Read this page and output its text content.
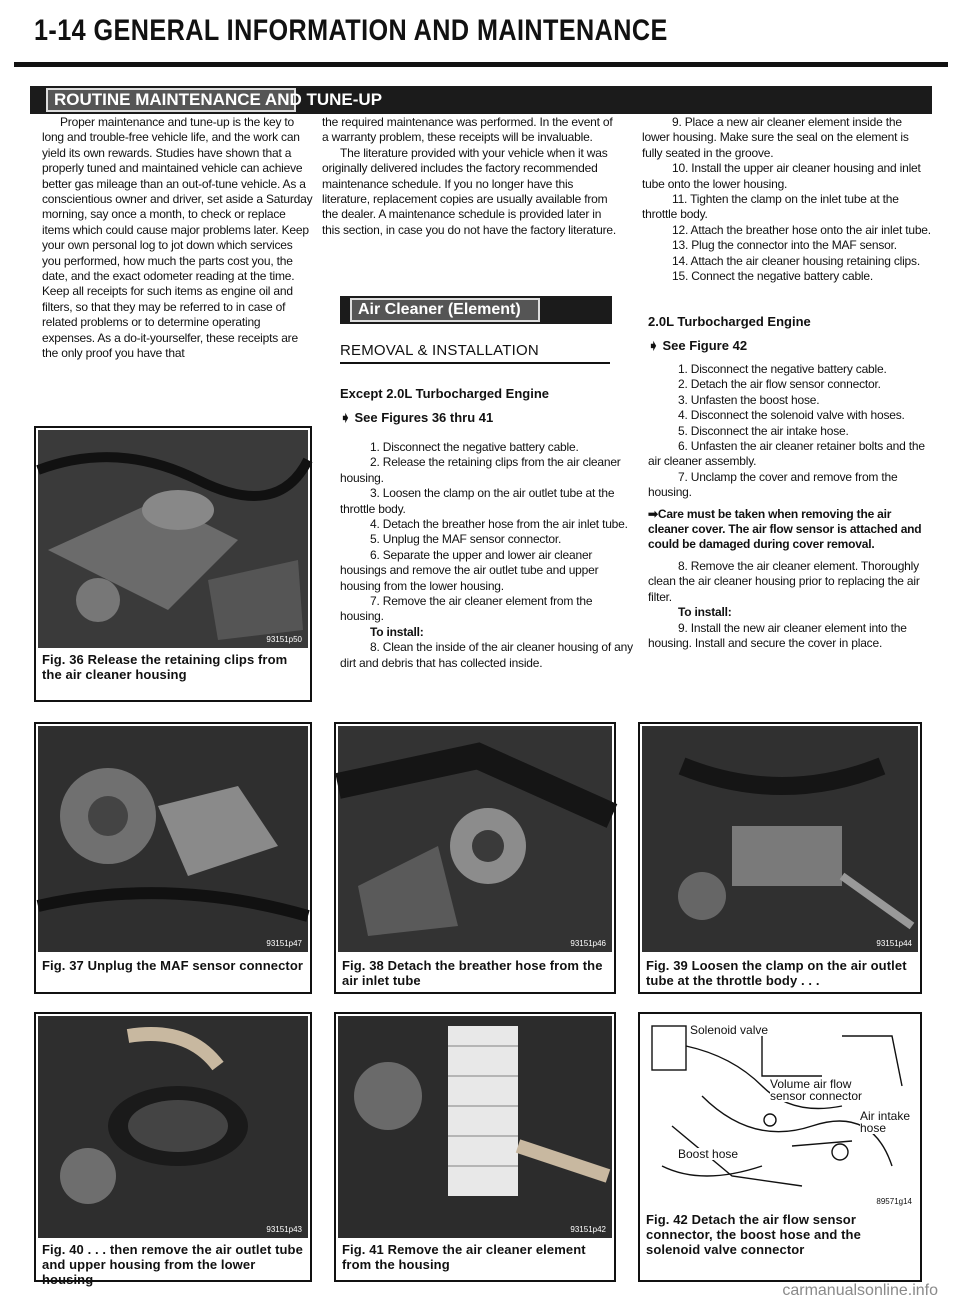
1-14 GENERAL INFORMATION AND MAINTENANCE
ROUTINE MAINTENANCE AND TUNE-UP

Proper maintenance and tune-up is the key to long and trouble-free vehicle life, and the work can yield its own rewards. Studies have shown that a properly tuned and maintained vehicle can achieve better gas mileage than an out-of-tune vehicle. As a conscientious owner and driver, set aside a Saturday morning, say once a month, to check or replace items which could cause major problems later. Keep your own personal log to jot down which services you performed, how much the parts cost you, the date, and the exact odometer reading at the time. Keep all receipts for such items as engine oil and filters, so that they may be referred to in case of related problems or to determine operating expenses. As a do-it-yourselfer, these receipts are the only proof you have that

the required maintenance was performed. In the event of a warranty problem, these receipts will be invaluable.

The literature provided with your vehicle when it was originally delivered includes the factory recommended maintenance schedule. If you no longer have this literature, replacement copies are usually available from the dealer. A maintenance schedule is provided later in this section, in case you do not have the factory literature.

Air Cleaner (Element)
REMOVAL & INSTALLATION
Except 2.0L Turbocharged Engine
➧ See Figures 36 thru 41

1. Disconnect the negative battery cable.

2. Release the retaining clips from the air cleaner housing.

3. Loosen the clamp on the air outlet tube at the throttle body.

4. Detach the breather hose from the air inlet tube.

5. Unplug the MAF sensor connector.

6. Separate the upper and lower air cleaner housings and remove the air outlet tube and upper housing from the lower housing.

7. Remove the air cleaner element from the housing.

To install:

8. Clean the inside of the air cleaner housing of any dirt and debris that has collected inside.

9. Place a new air cleaner element inside the lower housing. Make sure the seal on the element is fully seated in the groove.

10. Install the upper air cleaner housing and inlet tube onto the lower housing.

11. Tighten the clamp on the inlet tube at the throttle body.

12. Attach the breather hose onto the air inlet tube.

13. Plug the connector into the MAF sensor.

14. Attach the air cleaner housing retaining clips.

15. Connect the negative battery cable.

2.0L Turbocharged Engine
➧ See Figure 42

1. Disconnect the negative battery cable.

2. Detach the air flow sensor connector.

3. Unfasten the boost hose.

4. Disconnect the solenoid valve with hoses.

5. Disconnect the air intake hose.

6. Unfasten the air cleaner retainer bolts and the air cleaner assembly.

7. Unclamp the cover and remove from the housing.

➡Care must be taken when removing the air cleaner cover. The air flow sensor is attached and could be damaged during cover removal.

8. Remove the air cleaner element. Thoroughly clean the air cleaner housing prior to replacing the air filter.

To install:

9. Install the new air cleaner element into the housing. Install and secure the cover in place.

93151p50
Fig. 36 Release the retaining clips from the air cleaner housing
93151p47
Fig. 37 Unplug the MAF sensor connector
93151p46
Fig. 38 Detach the breather hose from the air inlet tube
93151p44
Fig. 39 Loosen the clamp on the air outlet tube at the throttle body . . .
93151p43
Fig. 40 . . . then remove the air outlet tube and upper housing from the lower housing
93151p42
Fig. 41 Remove the air cleaner element from the housing
Solenoid valve
Volume air flow sensor connector
Air intake hose
Boost hose
89571g14
Fig. 42 Detach the air flow sensor connector, the boost hose and the solenoid valve connector
carmanualsonline.info
